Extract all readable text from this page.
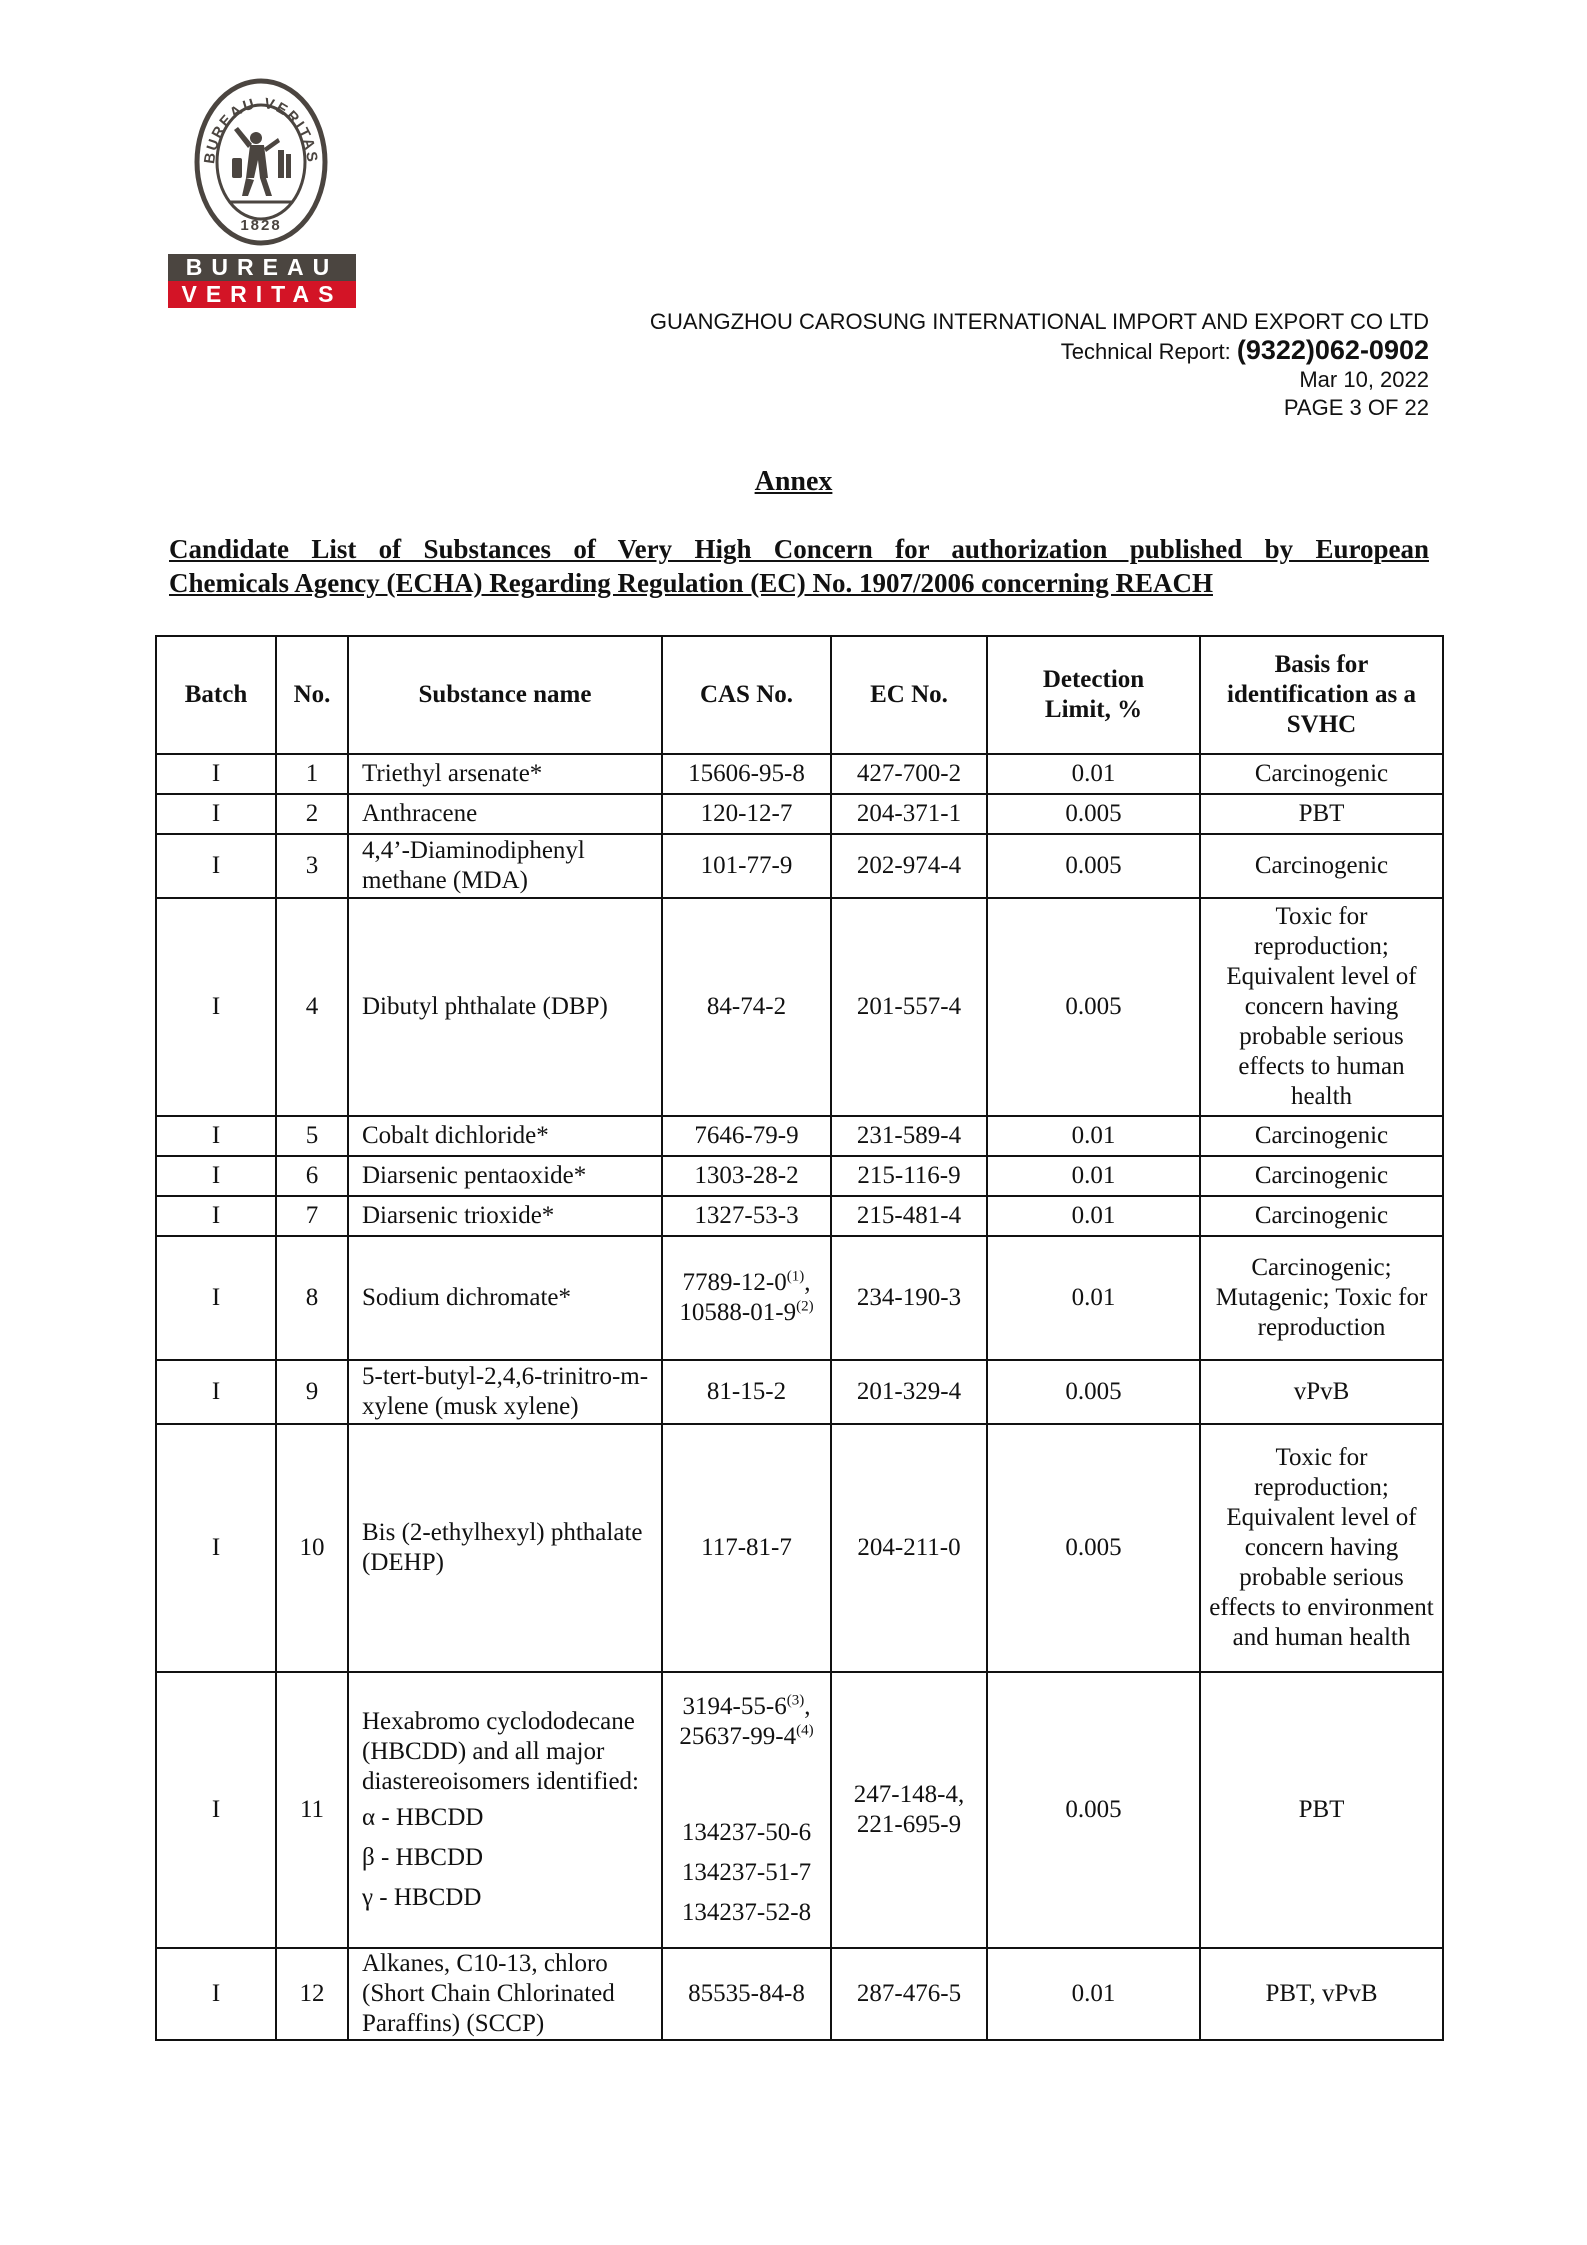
BUREAU VERITAS
1828
BUREAU
VERITAS
GUANGZHOU CAROSUNG INTERNATIONAL IMPORT AND EXPORT CO LTD
Technical Report: (9322)062-0902
Mar 10, 2022
PAGE 3 OF 22
Annex
Candidate List of Substances of Very High Concern for authorization published by European
Chemicals Agency (ECHA) Regarding Regulation (EC) No. 1907/2006 concerning REACH
Batch	No.	Substance name	CAS No.	EC No.	Detection Limit, %	Basis for identification as a SVHC
I	1	Triethyl arsenate*	15606-95-8	427-700-2	0.01	Carcinogenic
I	2	Anthracene	120-12-7	204-371-1	0.005	PBT
I	3	4,4’-Diaminodiphenyl methane (MDA)	101-77-9	202-974-4	0.005	Carcinogenic
I	4	Dibutyl phthalate (DBP)	84-74-2	201-557-4	0.005	Toxic for reproduction; Equivalent level of concern having probable serious effects to human health
I	5	Cobalt dichloride*	7646-79-9	231-589-4	0.01	Carcinogenic
I	6	Diarsenic pentaoxide*	1303-28-2	215-116-9	0.01	Carcinogenic
I	7	Diarsenic trioxide*	1327-53-3	215-481-4	0.01	Carcinogenic
I	8	Sodium dichromate*	7789-12-0$^{(1)}$,
10588-01-9$^{(2)}$	234-190-3	0.01	Carcinogenic; Mutagenic; Toxic for reproduction
I	9	5-tert-butyl-2,4,6-trinitro-m-xylene (musk xylene)	81-15-2	201-329-4	0.005	vPvB
I	10	Bis (2-ethylhexyl) phthalate (DEHP)	117-81-7	204-211-0	0.005	Toxic for reproduction; Equivalent level of concern having probable serious effects to environment and human health
I	11	Hexabromo cyclododecane (HBCDD) and all major diastereoisomers identified:
α - HBCDD
β - HBCDD
γ - HBCDD	3194-55-6$^{(3)}$,
25637-99-4$^{(4)}$
134237-50-6
134237-51-7
134237-52-8	247-148-4, 221-695-9	0.005	PBT
I	12	Alkanes, C10-13, chloro (Short Chain Chlorinated Paraffins) (SCCP)	85535-84-8	287-476-5	0.01	PBT, vPvB
